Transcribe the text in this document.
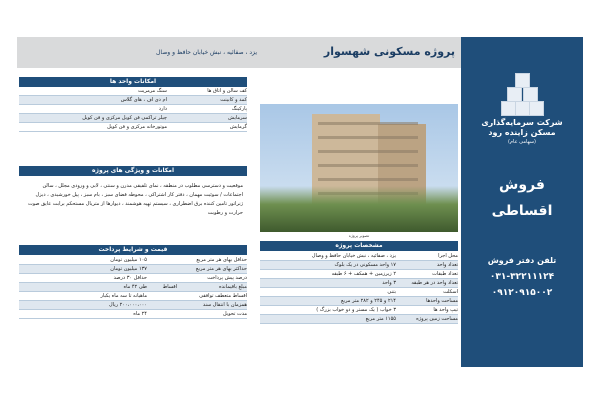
پروژه مسکونی شهسوار
یزد ، صفائیه ، نبش خیابان حافظ و وصال
امکانات واحد ها
کف سالن و اتاق هاسنگ مرمریت
کمد و کابینتام دی اف ، های گلاس
پارکینگدارد
سرمایشچیلر تراکمی فن کویل مرکزی و فن کویل
گرمایشموتورخانه مرکزی و فن کویل
امکانات و ویژگی های پروژه
موقعیت و دسترسی مطلوب در منطقه ، نمای تلفیقی مدرن و سنتی ، لابی و ورودی مجلل ، سالن اجتماعات / سوئیت مهمان ، دفتر کار اشتراکی ، محوطه فضای سبز ، بام سبز ، پیل خورشیدی ، دیزل ژنراتور تامین کننده برق اضطراری ، سیستم تهیه هوشمند ، دیوارها از متریال مستحکم برابت عایق صوت حرارت و رطوبت
قیمت و شرایط پرداخت
حداقل بهای هر متر مربع۱۰۵ میلیون تومان
حداکثر بهای هر متر مربع۱۳۷ میلیون تومان
درصد پیش پرداختحداقل ۳۰ درصد
مبلغ باقیماندهاقساططی ۴۲ ماه
اقساط متعطف توافقیماهیانه تا سه ماه یکبار
همزمان با انتقال سند۲۰۰،۰۰۰،۰۰۰ ریال
مدت تحویل۲۴ ماه
تصویر پروژه
مشخصات پروژه
محل اجرایزد ، صفائیه ، نبش خیابان حافظ و وصال
تعداد واحد۱۷ واحد مسکونی در یک بلوک
تعداد طبقات۲ زیرزمین + همکف + ۶ طبقه
تعداد واحد در هر طبقه۳ واحد
اسکلتبتنی
مساحت واحدها۲۱۴ و ۲۴۵ و ۲۸۲ متر مربع
تیپ واحد ها۳ خواب ( یک مستر و دو خواب بزرگ )
مساحت زمین پروژه۱۱۵۵ متر مربع
شرکت سرمایه‌گذاری
مسکن زاینده رود
(سهامی عام)
فروش
اقساطی
تلفن دفتر فروش
۰۳۱-۳۲۲۱۱۱۲۴
۰۹۱۲۰۹۱۵۰۰۲
